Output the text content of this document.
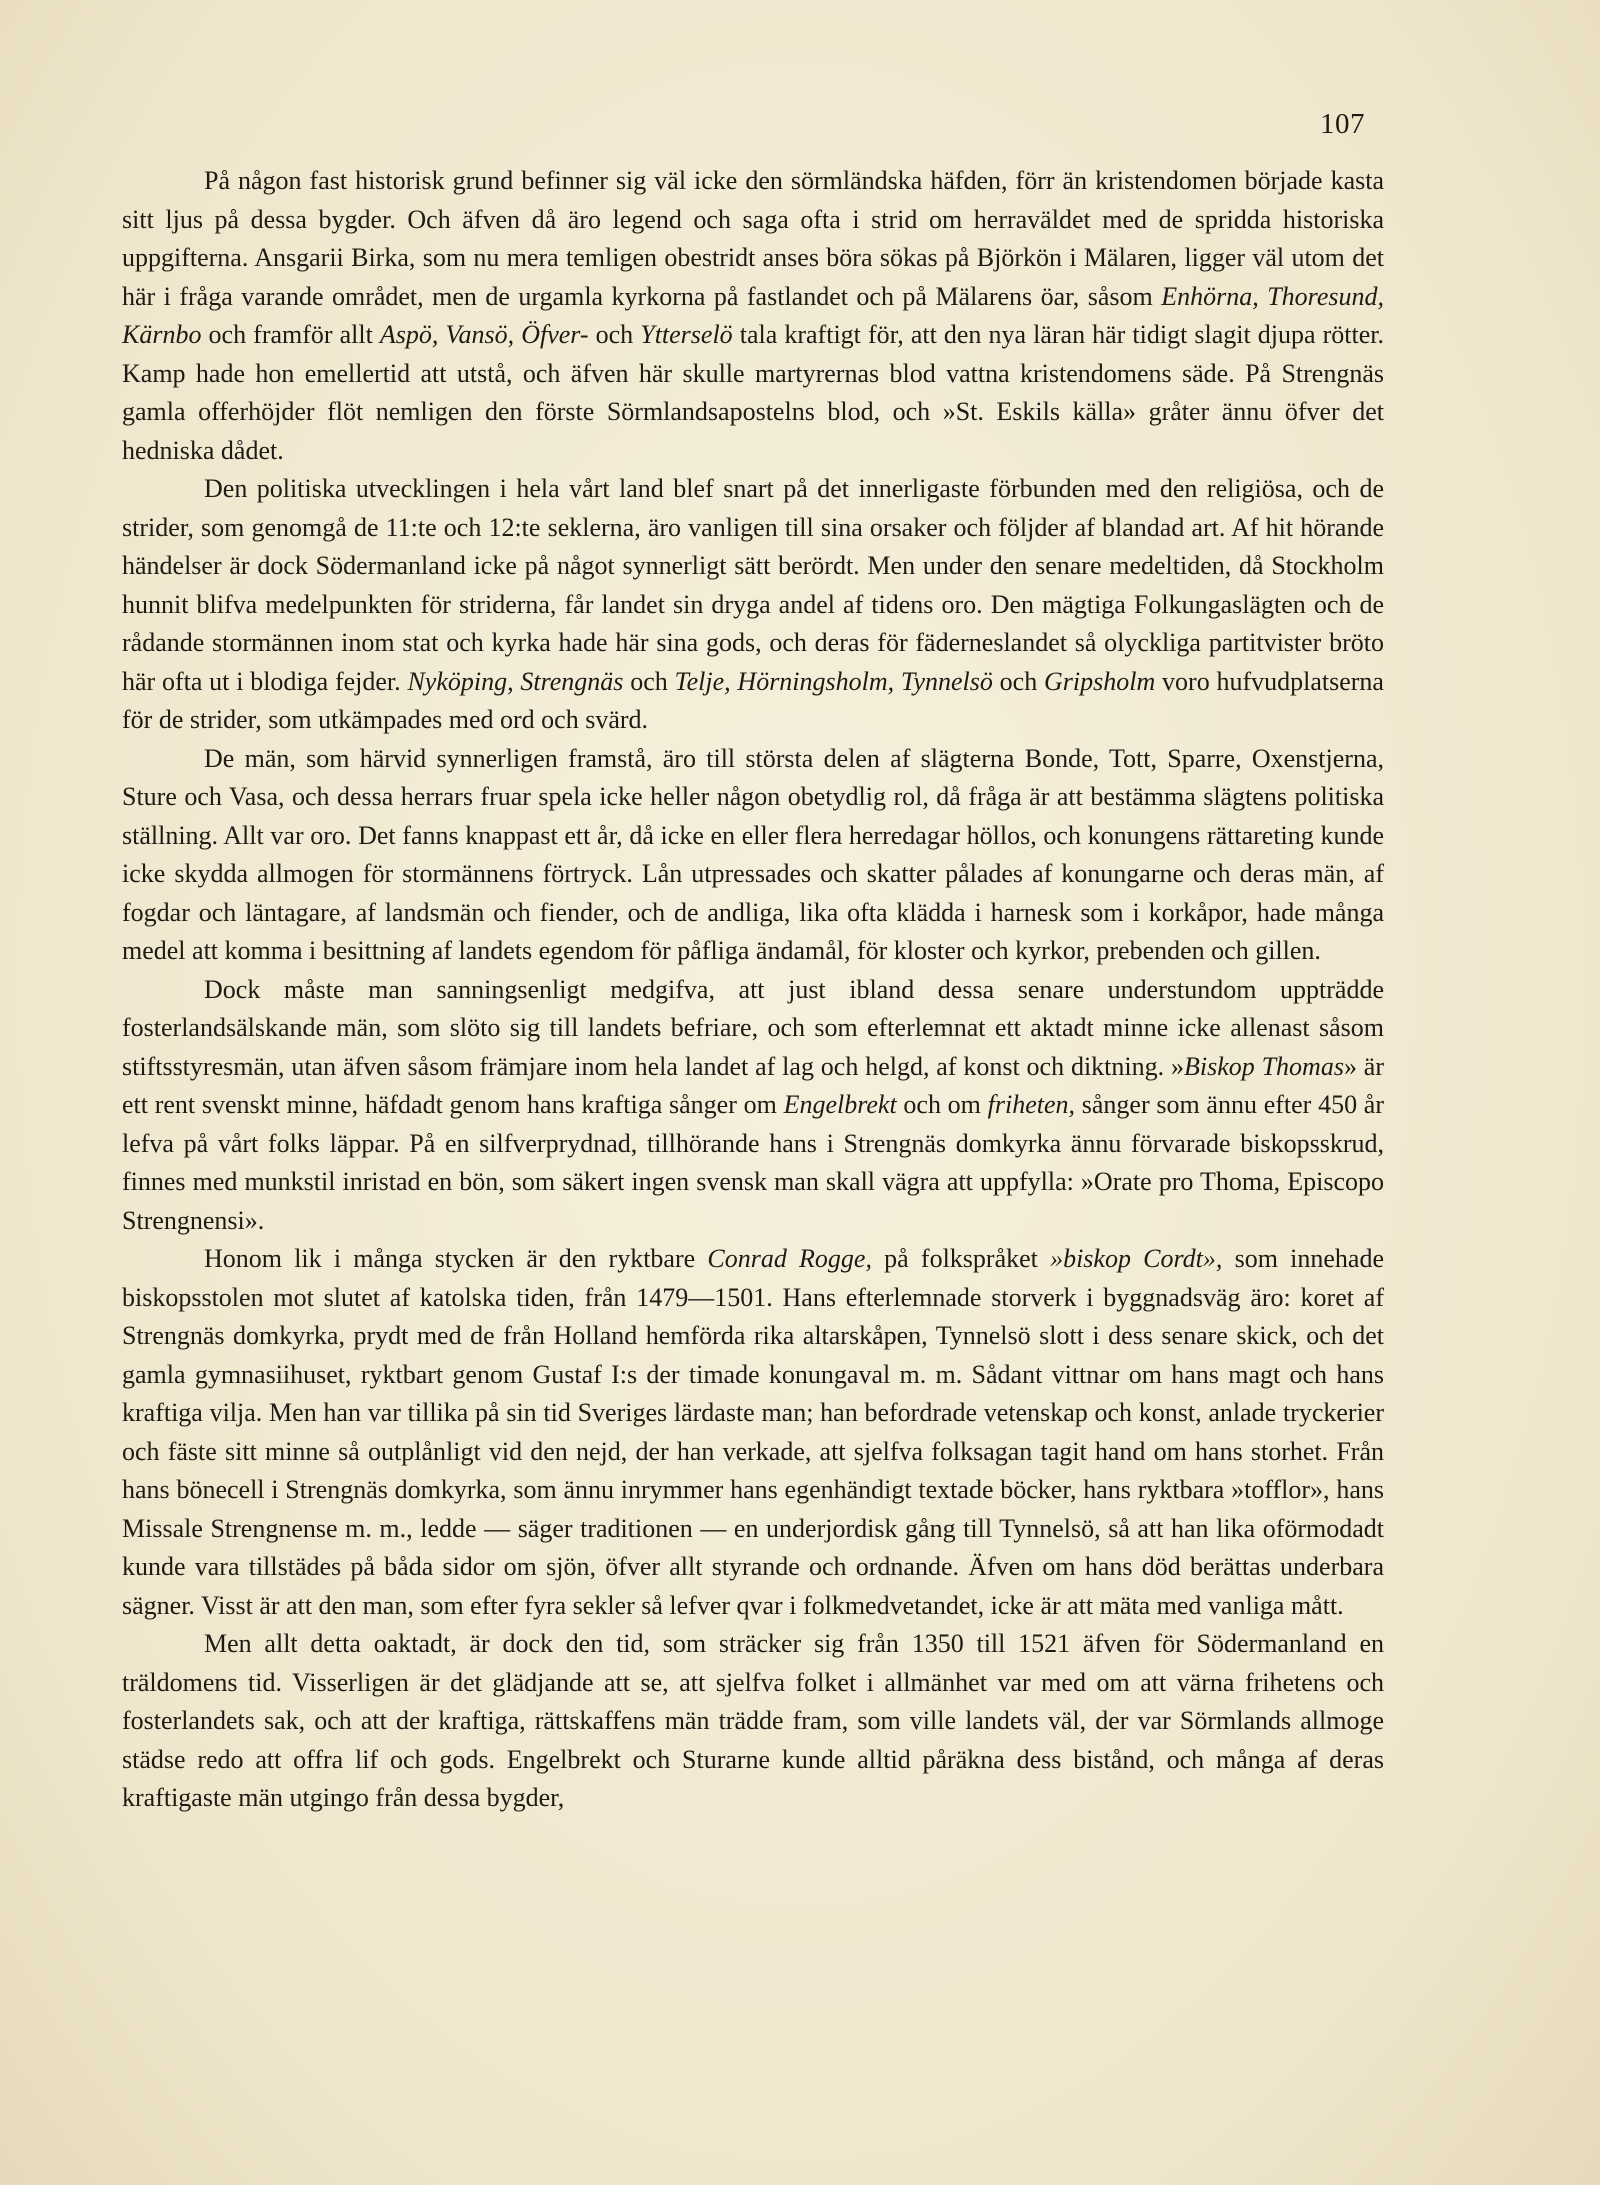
107

På någon fast historisk grund befinner sig väl icke den sörmländska häfden, förr än kristendomen började kasta sitt ljus på dessa bygder. Och äfven då äro legend och saga ofta i strid om herraväldet med de spridda historiska uppgifterna. Ansgarii Birka, som nu mera temligen obestridt anses böra sökas på Björkön i Mälaren, ligger väl utom det här i fråga varande området, men de urgamla kyrkorna på fastlandet och på Mälarens öar, såsom Enhörna, Thoresund, Kärnbo och framför allt Aspö, Vansö, Öfver- och Ytterselö tala kraftigt för, att den nya läran här tidigt slagit djupa rötter. Kamp hade hon emellertid att utstå, och äfven här skulle martyrernas blod vattna kristendomens säde. På Strengnäs gamla offerhöjder flöt nemligen den förste Sörmlandsapostelns blod, och »St. Eskils källa» gråter ännu öfver det hedniska dådet.

Den politiska utvecklingen i hela vårt land blef snart på det innerligaste förbunden med den religiösa, och de strider, som genomgå de 11:te och 12:te seklerna, äro vanligen till sina orsaker och följder af blandad art. Af hit hörande händelser är dock Södermanland icke på något synnerligt sätt berördt. Men under den senare medeltiden, då Stockholm hunnit blifva medelpunkten för striderna, får landet sin dryga andel af tidens oro. Den mägtiga Folkungaslägten och de rådande stormännen inom stat och kyrka hade här sina gods, och deras för fäderneslandet så olyckliga partitvister bröto här ofta ut i blodiga fejder. Nyköping, Strengnäs och Telje, Hörningsholm, Tynnelsö och Gripsholm voro hufvudplatserna för de strider, som utkämpades med ord och svärd.

De män, som härvid synnerligen framstå, äro till största delen af slägterna Bonde, Tott, Sparre, Oxenstjerna, Sture och Vasa, och dessa herrars fruar spela icke heller någon obetydlig rol, då fråga är att bestämma slägtens politiska ställning. Allt var oro. Det fanns knappast ett år, då icke en eller flera herredagar höllos, och konungens rättareting kunde icke skydda allmogen för stormännens förtryck. Lån utpressades och skatter pålades af konungarne och deras män, af fogdar och läntagare, af landsmän och fiender, och de andliga, lika ofta klädda i harnesk som i korkåpor, hade många medel att komma i besittning af landets egendom för påfliga ändamål, för kloster och kyrkor, prebenden och gillen.

Dock måste man sanningsenligt medgifva, att just ibland dessa senare understundom uppträdde fosterlandsälskande män, som slöto sig till landets befriare, och som efterlemnat ett aktadt minne icke allenast såsom stiftsstyresmän, utan äfven såsom främjare inom hela landet af lag och helgd, af konst och diktning. »Biskop Thomas» är ett rent svenskt minne, häfdadt genom hans kraftiga sånger om Engelbrekt och om friheten, sånger som ännu efter 450 år lefva på vårt folks läppar. På en silfverprydnad, tillhörande hans i Strengnäs domkyrka ännu förvarade biskopsskrud, finnes med munkstil inristad en bön, som säkert ingen svensk man skall vägra att uppfylla: »Orate pro Thoma, Episcopo Strengnensi».

Honom lik i många stycken är den ryktbare Conrad Rogge, på folkspråket »biskop Cordt», som innehade biskopsstolen mot slutet af katolska tiden, från 1479—1501. Hans efterlemnade storverk i byggnadsväg äro: koret af Strengnäs domkyrka, prydt med de från Holland hemförda rika altarskåpen, Tynnelsö slott i dess senare skick, och det gamla gymnasiihuset, ryktbart genom Gustaf I:s der timade konungaval m. m. Sådant vittnar om hans magt och hans kraftiga vilja. Men han var tillika på sin tid Sveriges lärdaste man; han befordrade vetenskap och konst, anlade tryckerier och fäste sitt minne så outplånligt vid den nejd, der han verkade, att sjelfva folksagan tagit hand om hans storhet. Från hans bönecell i Strengnäs domkyrka, som ännu inrymmer hans egenhändigt textade böcker, hans ryktbara »tofflor», hans Missale Strengnense m. m., ledde — säger traditionen — en underjordisk gång till Tynnelsö, så att han lika oförmodadt kunde vara tillstädes på båda sidor om sjön, öfver allt styrande och ordnande. Äfven om hans död berättas underbara sägner. Visst är att den man, som efter fyra sekler så lefver qvar i folkmedvetandet, icke är att mäta med vanliga mått.

Men allt detta oaktadt, är dock den tid, som sträcker sig från 1350 till 1521 äfven för Södermanland en träldomens tid. Visserligen är det glädjande att se, att sjelfva folket i allmänhet var med om att värna frihetens och fosterlandets sak, och att der kraftiga, rättskaffens män trädde fram, som ville landets väl, der var Sörmlands allmoge städse redo att offra lif och gods. Engelbrekt och Sturarne kunde alltid påräkna dess bistånd, och många af deras kraftigaste män utgingo från dessa bygder,
